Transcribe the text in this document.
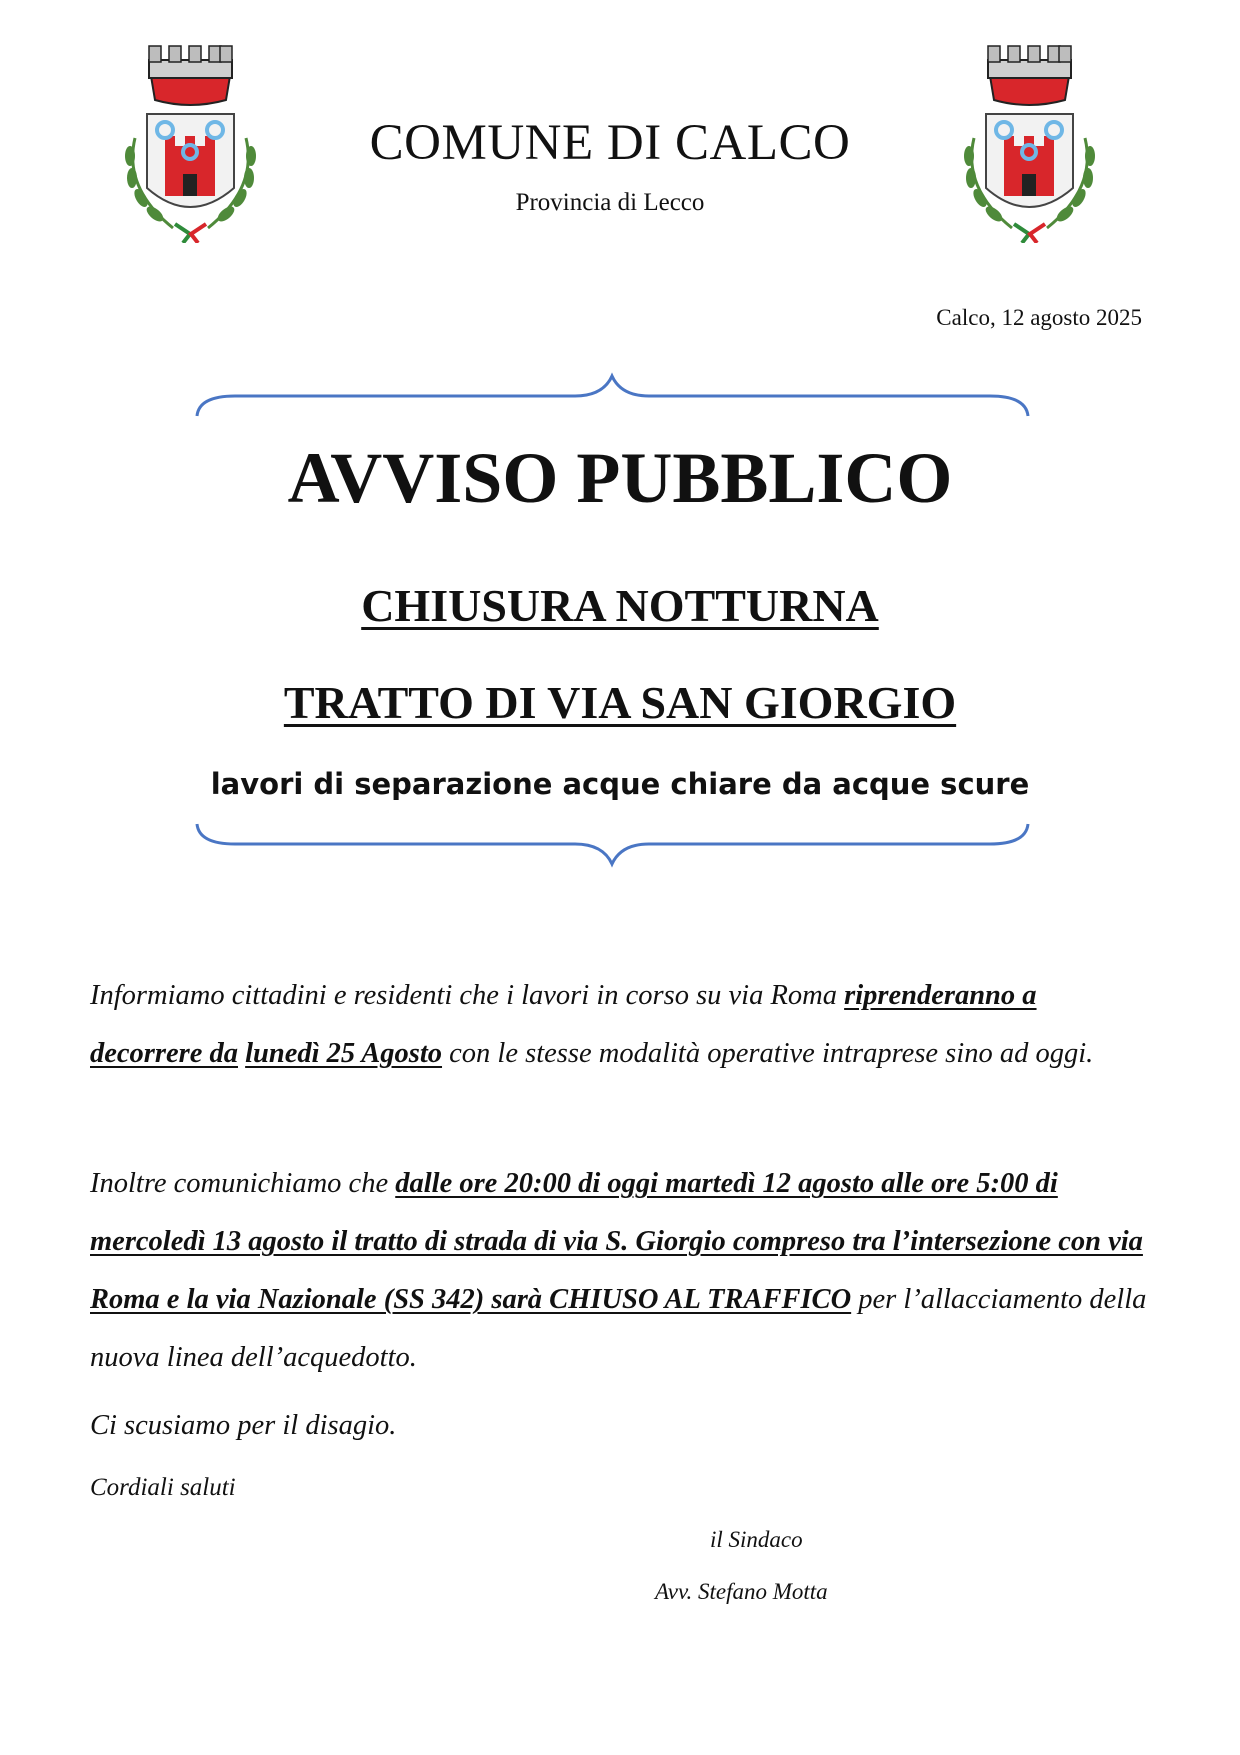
COMUNE DI CALCO
Provincia di Lecco
Calco, 12 agosto 2025
AVVISO PUBBLICO
CHIUSURA NOTTURNA
TRATTO DI VIA SAN GIORGIO
lavori di separazione acque chiare da acque scure
Informiamo cittadini e residenti che i lavori in corso su via Roma riprenderanno a decorrere da lunedì 25 Agosto con le stesse modalità operative intraprese sino ad oggi.
Inoltre comunichiamo che dalle ore 20:00 di oggi martedì 12 agosto alle ore 5:00 di mercoledì 13 agosto il tratto di strada di via S. Giorgio compreso tra l’intersezione con via Roma e la via Nazionale (SS 342) sarà CHIUSO AL TRAFFICO per l’allacciamento della nuova linea dell’acquedotto.
Ci scusiamo per il disagio.
Cordiali saluti
il Sindaco
Avv. Stefano Motta
